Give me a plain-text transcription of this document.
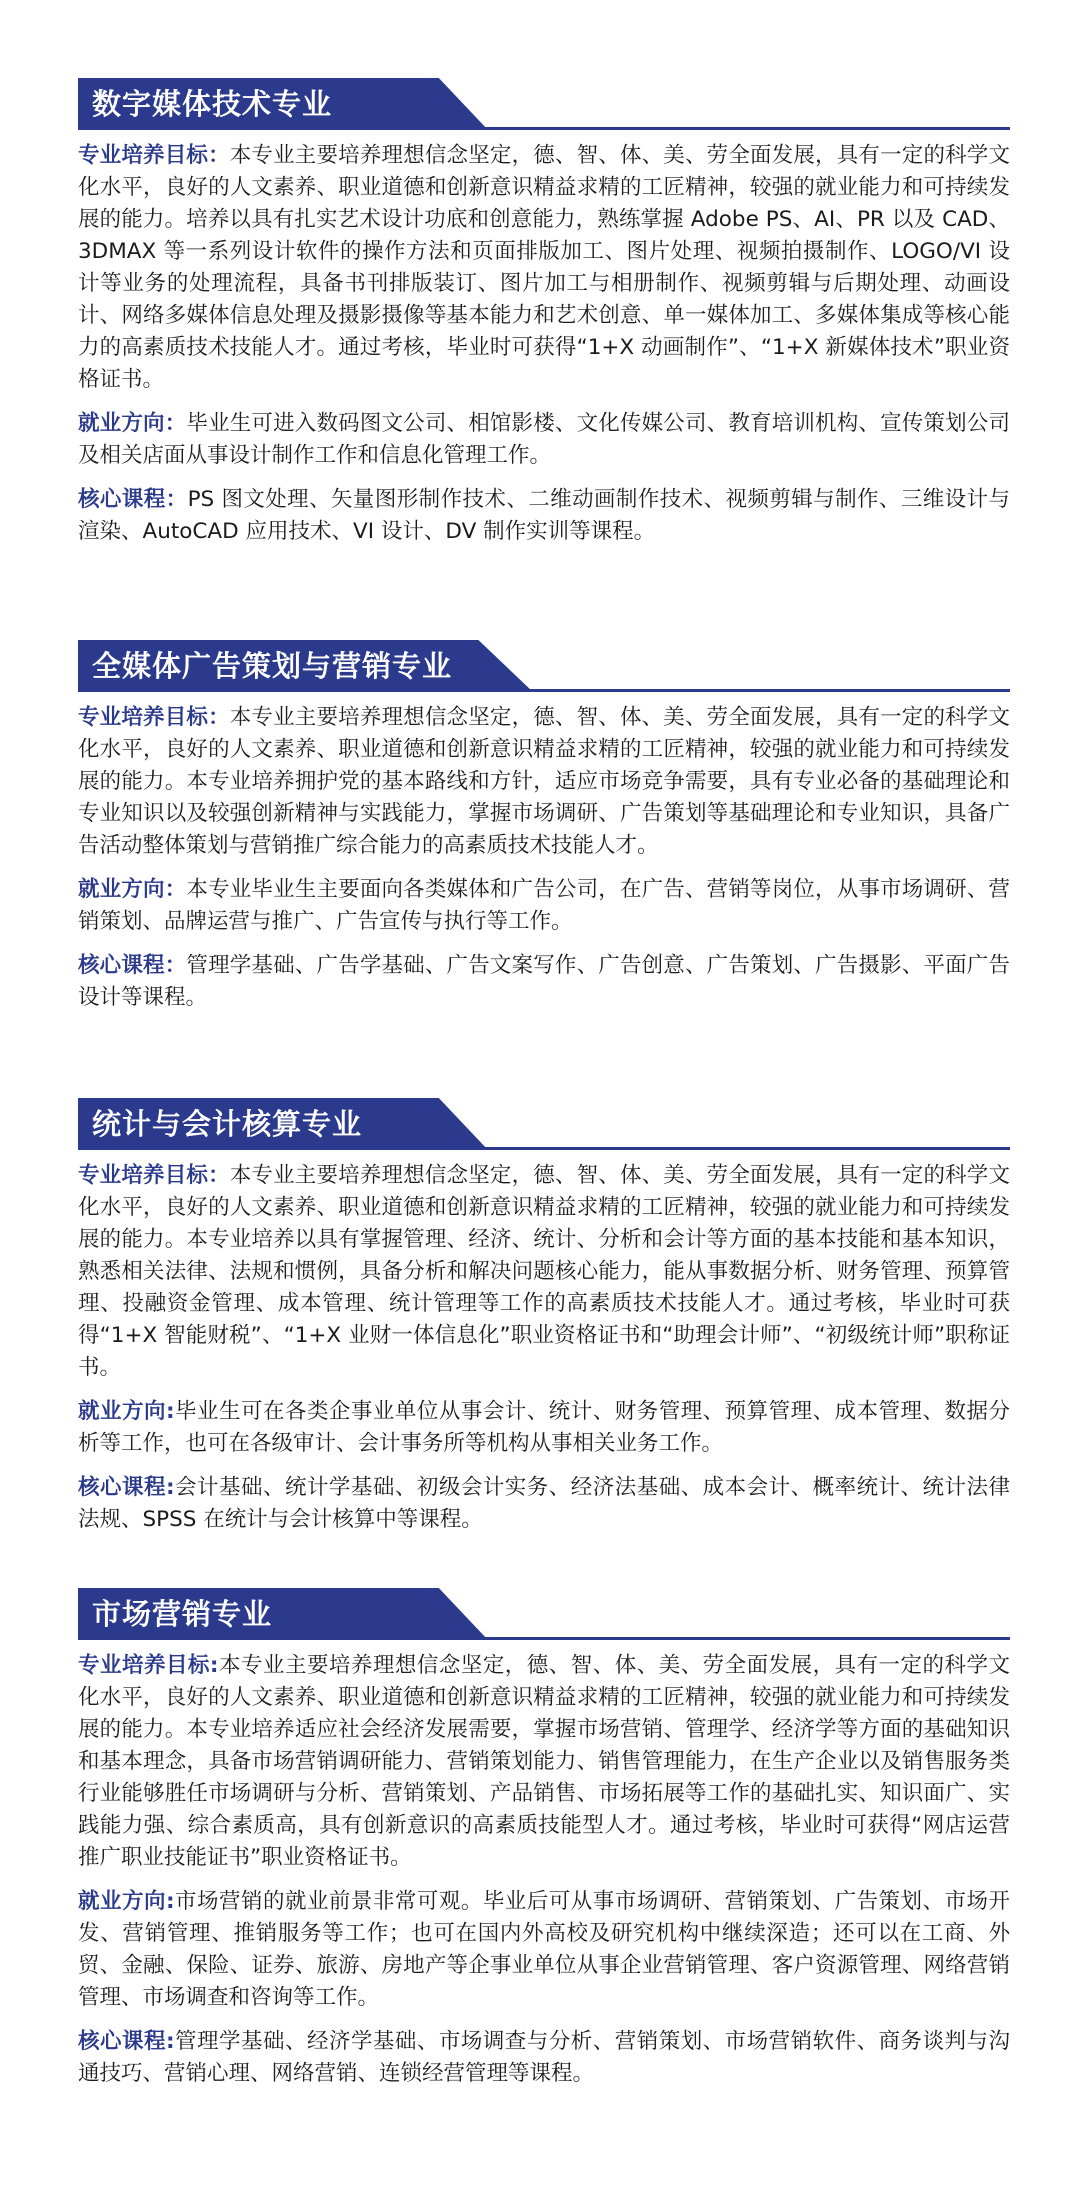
数字媒体技术专业
专业培养目标：本专业主要培养理想信念坚定，德、智、体、美、劳全面发展，具有一定的科学文化水平，良好的人文素养、职业道德和创新意识精益求精的工匠精神，较强的就业能力和可持续发展的能力。培养以具有扎实艺术设计功底和创意能力，熟练掌握 Adobe PS、AI、PR 以及 CAD、3DMAX 等一系列设计软件的操作方法和页面排版加工、图片处理、视频拍摄制作、LOGO/VI 设计等业务的处理流程，具备书刊排版装订、图片加工与相册制作、视频剪辑与后期处理、动画设计、网络多媒体信息处理及摄影摄像等基本能力和艺术创意、单一媒体加工、多媒体集成等核心能力的高素质技术技能人才。通过考核，毕业时可获得“1+X 动画制作”、“1+X 新媒体技术”职业资格证书。
就业方向：毕业生可进入数码图文公司、相馆影楼、文化传媒公司、教育培训机构、宣传策划公司及相关店面从事设计制作工作和信息化管理工作。
核心课程：PS 图文处理、矢量图形制作技术、二维动画制作技术、视频剪辑与制作、三维设计与渲染、AutoCAD 应用技术、VI 设计、DV 制作实训等课程。
全媒体广告策划与营销专业
专业培养目标：本专业主要培养理想信念坚定，德、智、体、美、劳全面发展，具有一定的科学文化水平，良好的人文素养、职业道德和创新意识精益求精的工匠精神，较强的就业能力和可持续发展的能力。本专业培养拥护党的基本路线和方针，适应市场竞争需要，具有专业必备的基础理论和专业知识以及较强创新精神与实践能力，掌握市场调研、广告策划等基础理论和专业知识，具备广告活动整体策划与营销推广综合能力的高素质技术技能人才。
就业方向：本专业毕业生主要面向各类媒体和广告公司，在广告、营销等岗位，从事市场调研、营销策划、品牌运营与推广、广告宣传与执行等工作。
核心课程：管理学基础、广告学基础、广告文案写作、广告创意、广告策划、广告摄影、平面广告设计等课程。
统计与会计核算专业
专业培养目标：本专业主要培养理想信念坚定，德、智、体、美、劳全面发展，具有一定的科学文化水平，良好的人文素养、职业道德和创新意识精益求精的工匠精神，较强的就业能力和可持续发展的能力。本专业培养以具有掌握管理、经济、统计、分析和会计等方面的基本技能和基本知识，熟悉相关法律、法规和惯例，具备分析和解决问题核心能力，能从事数据分析、财务管理、预算管理、投融资金管理、成本管理、统计管理等工作的高素质技术技能人才。通过考核，毕业时可获得“1+X 智能财税”、“1+X 业财一体信息化”职业资格证书和“助理会计师”、“初级统计师”职称证书。
就业方向:毕业生可在各类企事业单位从事会计、统计、财务管理、预算管理、成本管理、数据分析等工作，也可在各级审计、会计事务所等机构从事相关业务工作。
核心课程:会计基础、统计学基础、初级会计实务、经济法基础、成本会计、概率统计、统计法律法规、SPSS 在统计与会计核算中等课程。
市场营销专业
专业培养目标:本专业主要培养理想信念坚定，德、智、体、美、劳全面发展，具有一定的科学文化水平，良好的人文素养、职业道德和创新意识精益求精的工匠精神，较强的就业能力和可持续发展的能力。本专业培养适应社会经济发展需要，掌握市场营销、管理学、经济学等方面的基础知识和基本理念，具备市场营销调研能力、营销策划能力、销售管理能力，在生产企业以及销售服务类行业能够胜任市场调研与分析、营销策划、产品销售、市场拓展等工作的基础扎实、知识面广、实践能力强、综合素质高，具有创新意识的高素质技能型人才。通过考核，毕业时可获得“网店运营推广职业技能证书”职业资格证书。
就业方向:市场营销的就业前景非常可观。毕业后可从事市场调研、营销策划、广告策划、市场开发、营销管理、推销服务等工作；也可在国内外高校及研究机构中继续深造；还可以在工商、外贸、金融、保险、证券、旅游、房地产等企事业单位从事企业营销管理、客户资源管理、网络营销管理、市场调查和咨询等工作。
核心课程:管理学基础、经济学基础、市场调查与分析、营销策划、市场营销软件、商务谈判与沟通技巧、营销心理、网络营销、连锁经营管理等课程。
